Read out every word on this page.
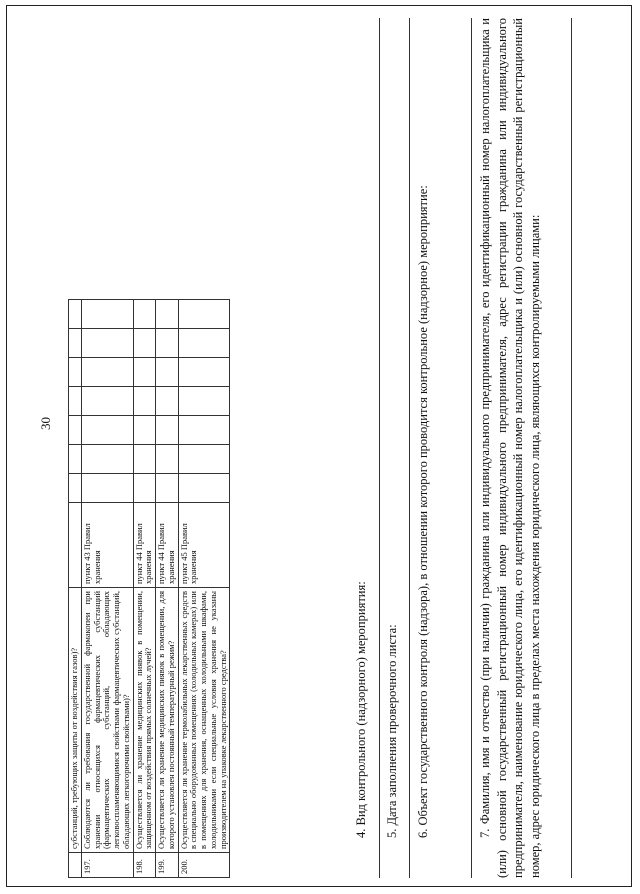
30
	субстанций, требующих защиты от воздействия газов)?								
197.	Соблюдаются ли требования государственной фармакопеи при хранении относящихся фармацевтических субстанций (фармацевтических субстанций, обладающих легковоспламеняющимися свойствами фармацевтических субстанций, обладающих легкогорючими свойствами)?	пункт 43 Правил хранения							
198.	Осуществляется ли хранение медицинских пиявок в помещении, защищенном от воздействия прямых солнечных лучей?	пункт 44 Правил хранения							
199.	Осуществляется ли хранение медицинских пиявок в помещении, для которого установлен постоянный температурный режим?	пункт 44 Правил хранения							
200.	Осуществляется ли хранение термолабильных лекарственных средств в специально оборудованных помещениях (холодильных камерах) или в помещениях для хранения, оснащенных холодильными шкафами, холодильниками если специальные условия хранения не указаны производителем на упаковке лекарственного средства?	пункт 45 Правил хранения							
4. Вид контрольного (надзорного) мероприятия: 5. Дата заполнения проверочного листа: 6. Объект государственного контроля (надзора), в отношении которого проводится контрольное (надзорное) мероприятие:	7. Фамилия, имя и отчество (при наличии) гражданина или индивидуального предпринимателя, его идентификационный номер налогоплательщика и (или) основной государственный регистрационный номер индивидуального предпринимателя, адрес регистрации гражданина или индивидуального предпринимателя, наименование юридического лица, его идентификационный номер налогоплательщика и (или) основной государственный регистрационный номер, адрес юридического лица в пределах места нахождения юридического лица, являющихся контролируемыми лицами:
